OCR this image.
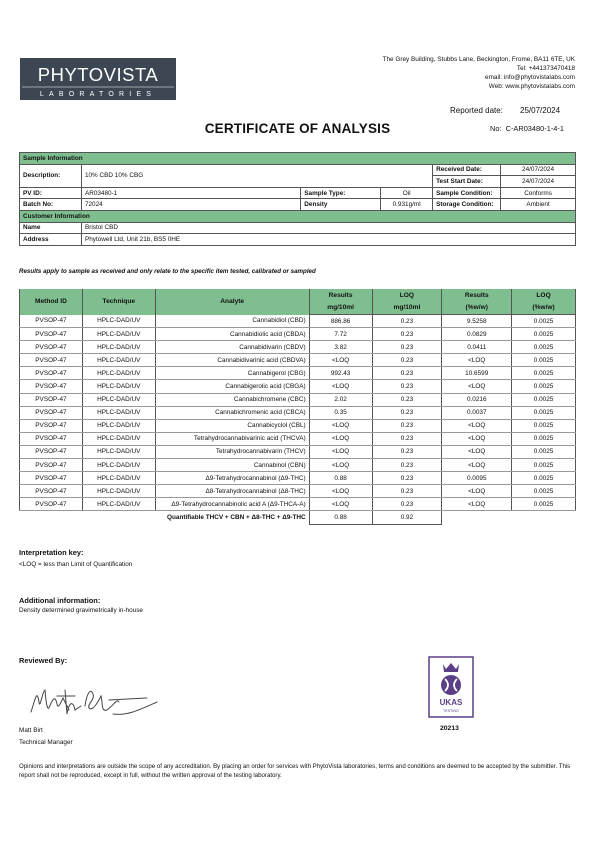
PHYTOVISTA
LABORATORIES
The Grey Building, Stubbs Lane, Beckington, Frome, BA11 6TE, UK
Tel: +441373470418
email: info@phytovistalabs.com
Web: www.phytovistalabs.com
Reported date: 25/07/2024
CERTIFICATE OF ANALYSIS	No: C-AR03480-1-4-1
Sample Information					
Description:	10% CBD 10% CBG			Received Date:	24/07/2024
				Test Start Date:	24/07/2024
PV ID:	AR03480-1	Sample Type:	Oil	Sample Condition:	Conforms
Batch No:	72024	Density	0.931g/ml	Storage Condition:	Ambient
Customer Information					
Name	Bristol CBD				
Address	Phytowell Ltd, Unit 21b, BS5 0HE				
Results apply to sample as received and only relate to the specific item tested, calibrated or sampled
Method ID	Technique	Analyte	Results	LOQ	Results	LOQ
			mg/10ml	mg/10ml	(%w/w)	(%w/w)
PVSOP-47	HPLC-DAD/UV	Cannabidiol (CBD)	886.86	0.23	9.5258	0.0025
PVSOP-47	HPLC-DAD/UV	Cannabidiolic acid (CBDA)	7.72	0.23	0.0829	0.0025
PVSOP-47	HPLC-DAD/UV	Cannabidivarin (CBDV)	3.82	0.23	0.0411	0.0025
PVSOP-47	HPLC-DAD/UV	Cannabidivarinic acid (CBDVA)	<LOQ	0.23	<LOQ	0.0025
PVSOP-47	HPLC-DAD/UV	Cannabigerol (CBG)	992.43	0.23	10.6599	0.0025
PVSOP-47	HPLC-DAD/UV	Cannabigerolic acid (CBGA)	<LOQ	0.23	<LOQ	0.0025
PVSOP-47	HPLC-DAD/UV	Cannabichromene (CBC)	2.02	0.23	0.0216	0.0025
PVSOP-47	HPLC-DAD/UV	Cannabichromenic acid (CBCA)	0.35	0.23	0.0037	0.0025
PVSOP-47	HPLC-DAD/UV	Cannabicyclol (CBL)	<LOQ	0.23	<LOQ	0.0025
PVSOP-47	HPLC-DAD/UV	Tetrahydrocannabivarinic acid (THCVA)	<LOQ	0.23	<LOQ	0.0025
PVSOP-47	HPLC-DAD/UV	Tetrahydrocannabivarin (THCV)	<LOQ	0.23	<LOQ	0.0025
PVSOP-47	HPLC-DAD/UV	Cannabinol (CBN)	<LOQ	0.23	<LOQ	0.0025
PVSOP-47	HPLC-DAD/UV	Δ9-Tetrahydrocannabinol (Δ9-THC)	0.88	0.23	0.0095	0.0025
PVSOP-47	HPLC-DAD/UV	Δ8-Tetrahydrocannabinol (Δ8-THC)	<LOQ	0.23	<LOQ	0.0025
PVSOP-47	HPLC-DAD/UV	Δ9-Tetrahydrocannabinolic acid A (Δ9-THCA-A)	<LOQ	0.23	<LOQ	0.0025
		Quantifiable THCV + CBN + Δ8-THC + Δ9-THC	0.88	0.92		
Interpretation key:
<LOQ = less than Limit of Quantification
Additional information:
Density determined gravimetrically in-house
Reviewed By:
Matt Birt
Technical Manager
UKAS
TESTING
20213
Opinions and interpretations are outside the scope of any accreditation. By placing an order for services with PhytoVista laboratories, terms and conditions are deemed to be accepted by the submitter. This report shall not be reproduced, except in full, without the written approval of the testing laboratory.
